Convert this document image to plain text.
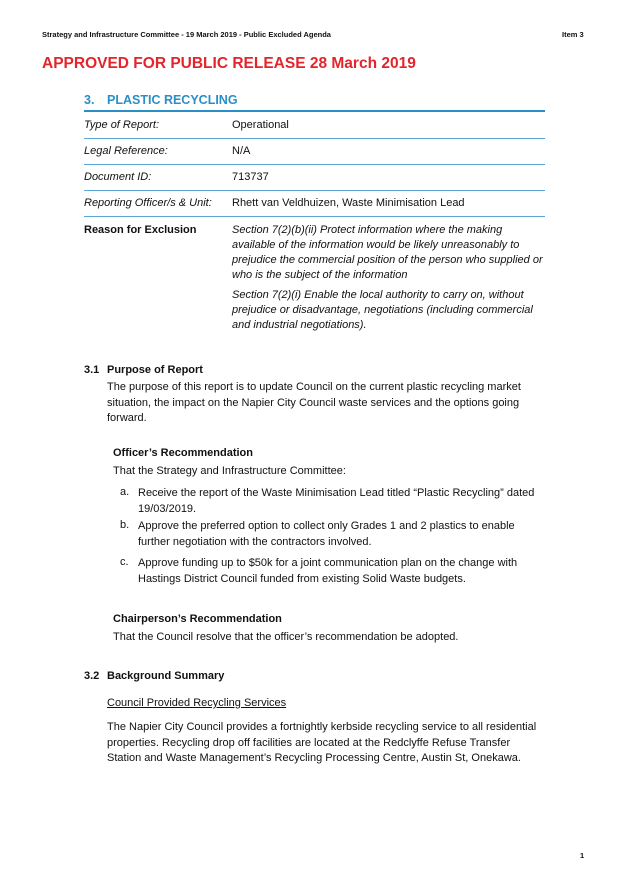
Strategy and Infrastructure Committee - 19 March 2019 - Public Excluded Agenda	Item 3
APPROVED FOR PUBLIC RELEASE 28 March 2019
3. PLASTIC RECYCLING
Type of Report:	Operational
Legal Reference:	N/A
Document ID:	713737
Reporting Officer/s & Unit: Rhett van Veldhuizen, Waste Minimisation Lead
Reason for Exclusion	Section 7(2)(b)(ii) Protect information where the making available of the information would be likely unreasonably to prejudice the commercial position of the person who supplied or who is the subject of the information
Section 7(2)(i) Enable the local authority to carry on, without prejudice or disadvantage, negotiations (including commercial and industrial negotiations).
3.1 Purpose of Report
The purpose of this report is to update Council on the current plastic recycling market situation, the impact on the Napier City Council waste services and the options going forward.
Officer’s Recommendation
That the Strategy and Infrastructure Committee:
a. Receive the report of the Waste Minimisation Lead titled “Plastic Recycling” dated 19/03/2019.
b. Approve the preferred option to collect only Grades 1 and 2 plastics to enable further negotiation with the contractors involved.
c. Approve funding up to $50k for a joint communication plan on the change with Hastings District Council funded from existing Solid Waste budgets.
Chairperson’s Recommendation
That the Council resolve that the officer’s recommendation be adopted.
3.2 Background Summary
Council Provided Recycling Services
The Napier City Council provides a fortnightly kerbside recycling service to all residential properties. Recycling drop off facilities are located at the Redclyffe Refuse Transfer Station and Waste Management’s Recycling Processing Centre, Austin St, Onekawa.
1
